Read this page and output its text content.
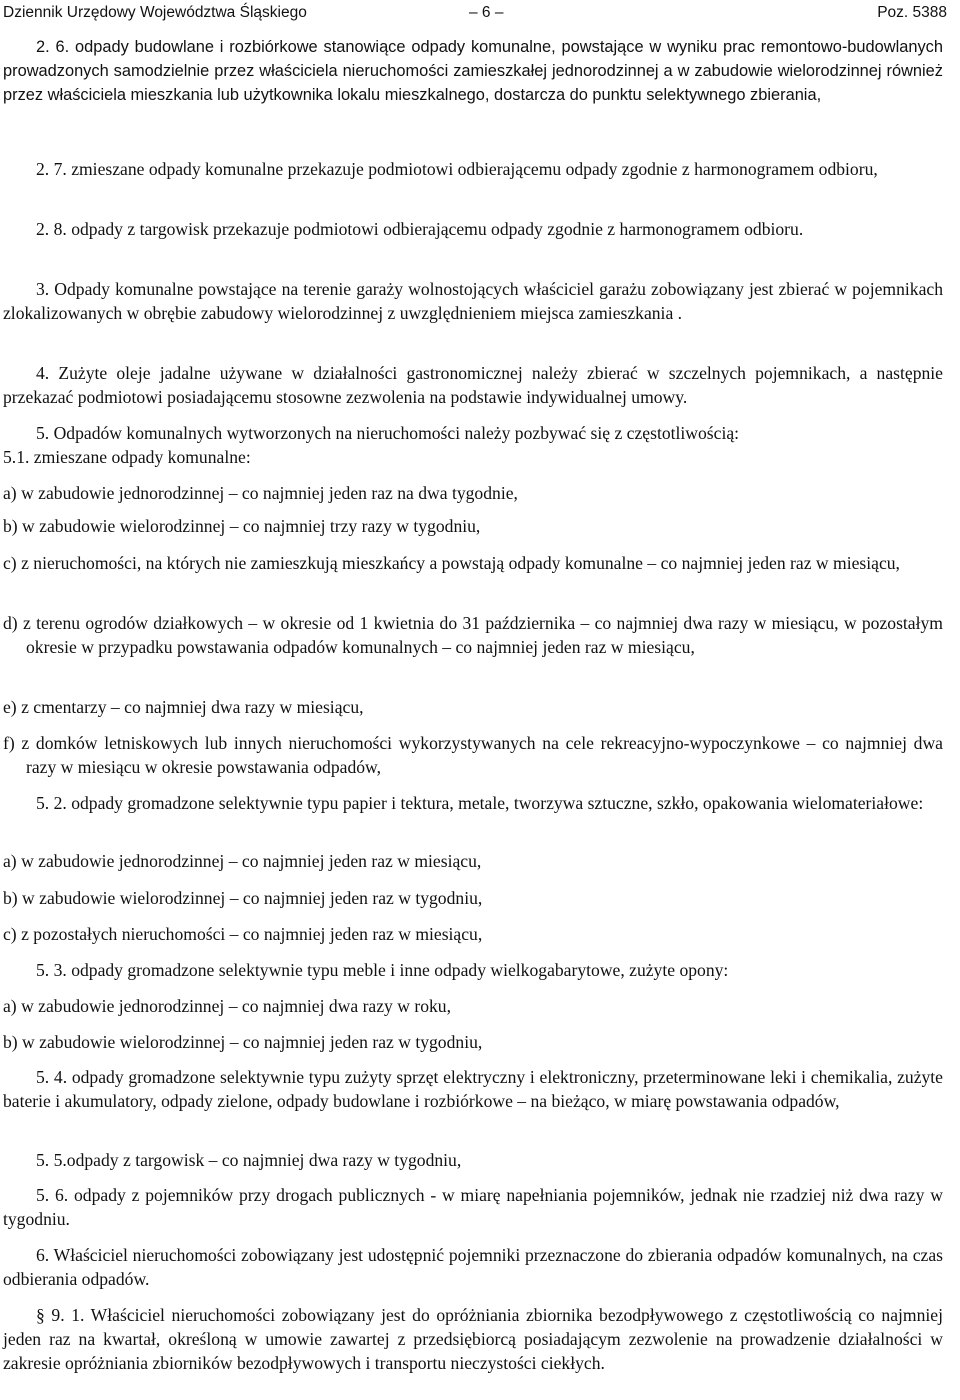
Dziennik Urzędowy Województwa Śląskiego	– 6 –	Poz. 5388

2. 6. odpady budowlane i rozbiórkowe stanowiące odpady komunalne, powstające w wyniku prac remontowo-budowlanych prowadzonych samodzielnie przez właściciela nieruchomości zamieszkałej jednorodzinnej a w zabudowie wielorodzinnej również przez właściciela mieszkania lub użytkownika lokalu mieszkalnego, dostarcza do punktu selektywnego zbierania,

2. 7. zmieszane odpady komunalne przekazuje podmiotowi odbierającemu odpady zgodnie z harmonogramem odbioru,

2. 8. odpady z targowisk przekazuje podmiotowi odbierającemu odpady zgodnie z harmonogramem odbioru.

3. Odpady komunalne powstające na terenie garaży wolnostojących właściciel garażu zobowiązany jest zbierać w pojemnikach zlokalizowanych w obrębie zabudowy wielorodzinnej z uwzględnieniem miejsca zamieszkania .

4. Zużyte oleje jadalne używane w działalności gastronomicznej należy zbierać w szczelnych pojemnikach, a następnie przekazać podmiotowi posiadającemu stosowne zezwolenia na podstawie indywidualnej umowy.

5. Odpadów komunalnych wytworzonych na nieruchomości należy pozbywać się z częstotliwością:

5.1. zmieszane odpady komunalne:

a) w zabudowie jednorodzinnej – co najmniej jeden raz na dwa tygodnie,

b) w zabudowie wielorodzinnej – co najmniej trzy razy w tygodniu,

c) z nieruchomości, na których nie zamieszkują mieszkańcy a powstają odpady komunalne – co najmniej jeden raz w miesiącu,

d) z terenu ogrodów działkowych – w okresie od 1 kwietnia do 31 października – co najmniej dwa razy w miesiącu, w pozostałym okresie w przypadku powstawania odpadów komunalnych – co najmniej jeden raz w miesiącu,

e) z cmentarzy – co najmniej dwa razy w miesiącu,

f) z domków letniskowych lub innych nieruchomości wykorzystywanych na cele rekreacyjno-wypoczynkowe – co najmniej dwa razy w miesiącu w okresie powstawania odpadów,

5. 2. odpady gromadzone selektywnie typu papier i tektura, metale, tworzywa sztuczne, szkło, opakowania wielomateriałowe:

a) w zabudowie jednorodzinnej – co najmniej jeden raz w miesiącu,

b) w zabudowie wielorodzinnej – co najmniej jeden raz w tygodniu,

c) z pozostałych nieruchomości – co najmniej jeden raz w miesiącu,

5. 3. odpady gromadzone selektywnie typu meble i inne odpady wielkogabarytowe, zużyte opony:

a) w zabudowie jednorodzinnej – co najmniej dwa razy w roku,

b) w zabudowie wielorodzinnej – co najmniej jeden raz w tygodniu,

5. 4. odpady gromadzone selektywnie typu zużyty sprzęt elektryczny i elektroniczny, przeterminowane leki i chemikalia, zużyte baterie i akumulatory, odpady zielone, odpady budowlane i rozbiórkowe – na bieżąco, w miarę powstawania odpadów,

5. 5.odpady z targowisk – co najmniej dwa razy w tygodniu,

5. 6. odpady z pojemników przy drogach publicznych - w miarę napełniania pojemników, jednak nie rzadziej niż dwa razy w tygodniu.

6. Właściciel nieruchomości zobowiązany jest udostępnić pojemniki przeznaczone do zbierania odpadów komunalnych, na czas odbierania odpadów.

§ 9. 1. Właściciel nieruchomości zobowiązany jest do opróżniania zbiornika bezodpływowego z częstotliwością co najmniej jeden raz na kwartał, określoną w umowie zawartej z przedsiębiorcą posiadającym zezwolenie na prowadzenie działalności w zakresie opróżniania zbiorników bezodpływowych i transportu nieczystości ciekłych.
